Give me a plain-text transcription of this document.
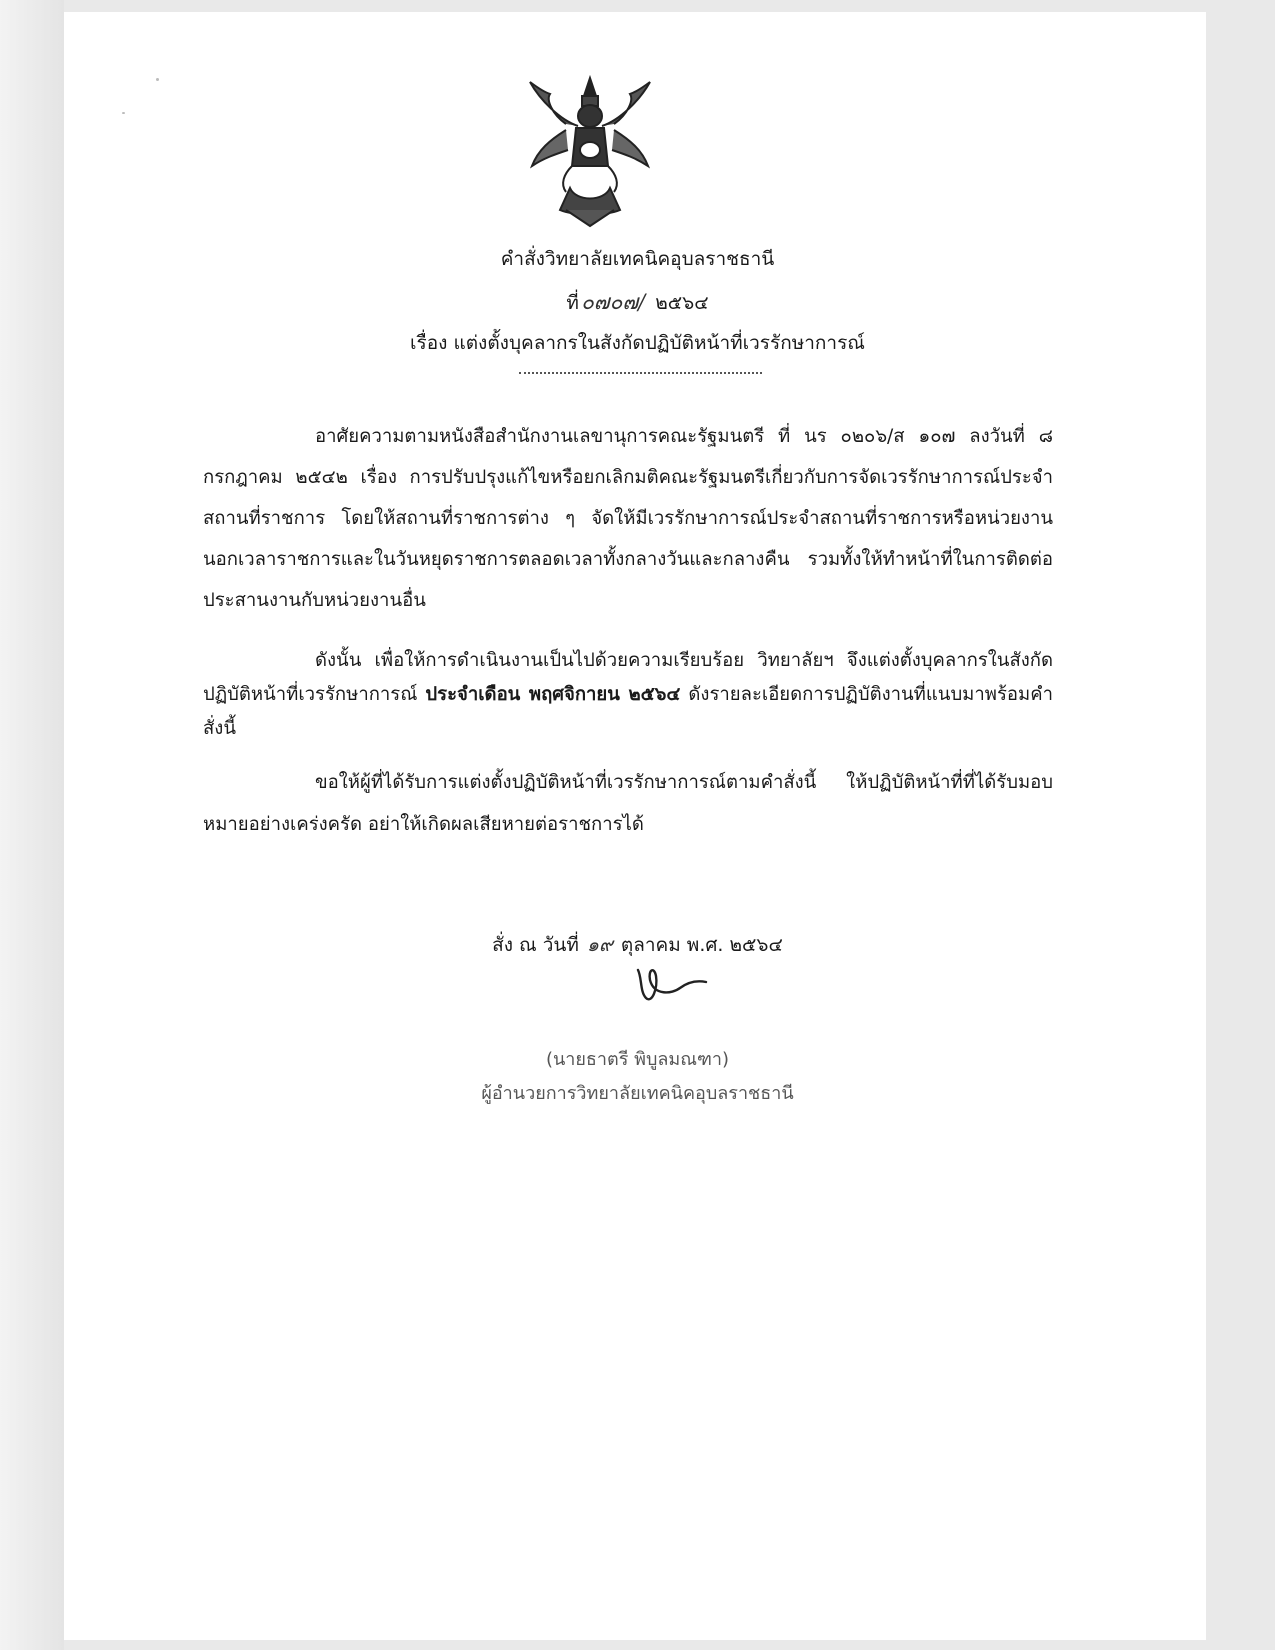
คำสั่งวิทยาลัยเทคนิคอุบลราชธานี
ที่๐๗๐๗/ ๒๕๖๔
เรื่อง แต่งตั้งบุคลากรในสังกัดปฏิบัติหน้าที่เวรรักษาการณ์
อาศัยความตามหนังสือสำนักงานเลขานุการคณะรัฐมนตรี ที่ นร ๐๒๐๖/ส ๑๐๗ ลงวันที่ ๘ กรกฎาคม ๒๕๔๒ เรื่อง การปรับปรุงแก้ไขหรือยกเลิกมติคณะรัฐมนตรีเกี่ยวกับการจัดเวรรักษาการณ์ประจำสถานที่ราชการ โดยให้สถานที่ราชการต่าง ๆ จัดให้มีเวรรักษาการณ์ประจำสถานที่ราชการหรือหน่วยงานนอกเวลาราชการและในวันหยุดราชการตลอดเวลาทั้งกลางวันและกลางคืน รวมทั้งให้ทำหน้าที่ในการติดต่อประสานงานกับหน่วยงานอื่น
ดังนั้น เพื่อให้การดำเนินงานเป็นไปด้วยความเรียบร้อย วิทยาลัยฯ จึงแต่งตั้งบุคลากรในสังกัดปฏิบัติหน้าที่เวรรักษาการณ์ ประจำเดือน พฤศจิกายน ๒๕๖๔ ดังรายละเอียดการปฏิบัติงานที่แนบมาพร้อมคำสั่งนี้
ขอให้ผู้ที่ได้รับการแต่งตั้งปฏิบัติหน้าที่เวรรักษาการณ์ตามคำสั่งนี้ ให้ปฏิบัติหน้าที่ที่ได้รับมอบหมายอย่างเคร่งครัด อย่าให้เกิดผลเสียหายต่อราชการได้
สั่ง ณ วันที่ ๑๙ ตุลาคม พ.ศ. ๒๕๖๔
(นายธาตรี พิบูลมณฑา)
ผู้อำนวยการวิทยาลัยเทคนิคอุบลราชธานี
